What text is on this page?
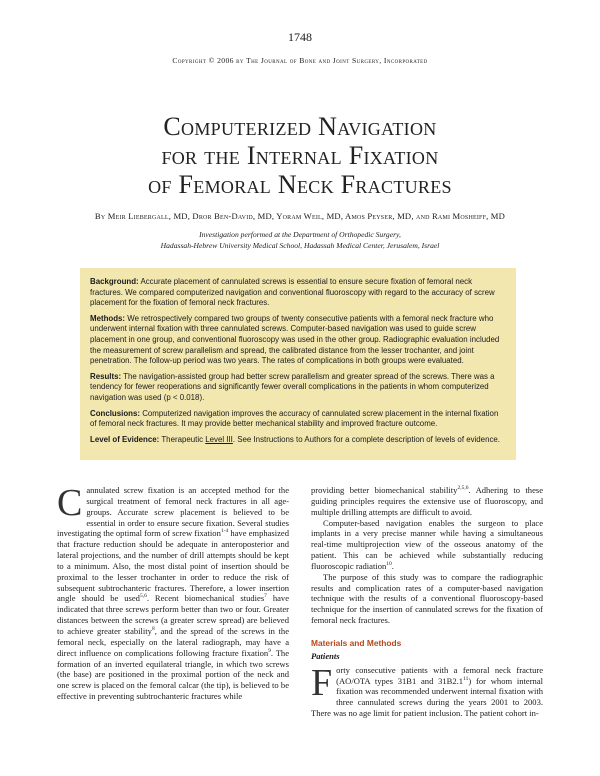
1748
Copyright © 2006 by The Journal of Bone and Joint Surgery, Incorporated
Computerized Navigation
for the Internal Fixation
of Femoral Neck Fractures
By Meir Liebergall, MD, Dror Ben-David, MD, Yoram Weil, MD, Amos Peyser, MD, and Rami Mosheiff, MD
Investigation performed at the Department of Orthopedic Surgery,
Hadassah-Hebrew University Medical School, Hadassah Medical Center, Jerusalem, Israel

Background: Accurate placement of cannulated screws is essential to ensure secure fixation of femoral neck fractures. We compared computerized navigation and conventional fluoroscopy with regard to the accuracy of screw placement for the fixation of femoral neck fractures.

Methods: We retrospectively compared two groups of twenty consecutive patients with a femoral neck fracture who underwent internal fixation with three cannulated screws. Computer-based navigation was used to guide screw placement in one group, and conventional fluoroscopy was used in the other group. Radiographic evaluation included the measurement of screw parallelism and spread, the calibrated distance from the lesser trochanter, and joint penetration. The follow-up period was two years. The rates of complications in both groups were evaluated.

Results: The navigation-assisted group had better screw parallelism and greater spread of the screws. There was a tendency for fewer reoperations and significantly fewer overall complications in the patients in whom computerized navigation was used (p < 0.018).

Conclusions: Computerized navigation improves the accuracy of cannulated screw placement in the internal fixation of femoral neck fractures. It may provide better mechanical stability and improved fracture outcome.

Level of Evidence: Therapeutic Level III. See Instructions to Authors for a complete description of levels of evidence.

Cannulated screw fixation is an accepted method for the surgical treatment of femoral neck fractures in all age-groups. Accurate screw placement is believed to be essential in order to ensure secure fixation. Several studies investigating the optimal form of screw fixation$^{1-4}$ have emphasized that fracture reduction should be adequate in anteroposterior and lateral projections, and the number of drill attempts should be kept to a minimum. Also, the most distal point of insertion should be proximal to the lesser trochanter in order to reduce the risk of subsequent subtrochanteric fractures. Therefore, a lower insertion angle should be used$^{5,6}$. Recent biomechanical studies$^7$ have indicated that three screws perform better than two or four. Greater distances between the screws (a greater screw spread) are believed to achieve greater stability$^8$, and the spread of the screws in the femoral neck, especially on the lateral radiograph, may have a direct influence on complications following fracture fixation$^9$. The formation of an inverted equilateral triangle, in which two screws (the base) are positioned in the proximal portion of the neck and one screw is placed on the femoral calcar (the tip), is believed to be effective in preventing subtrochanteric fractures while

providing better biomechanical stability$^{2,5,6}$. Adhering to these guiding principles requires the extensive use of fluoroscopy, and multiple drilling attempts are difficult to avoid.

Computer-based navigation enables the surgeon to place implants in a very precise manner while having a simultaneous real-time multiprojection view of the osseous anatomy of the patient. This can be achieved while substantially reducing fluoroscopic radiation$^{10}$.

The purpose of this study was to compare the radiographic results and complication rates of a computer-based navigation technique with the results of a conventional fluoroscopy-based technique for the insertion of cannulated screws for the fixation of femoral neck fractures.

Materials and Methods
Patients

Forty consecutive patients with a femoral neck fracture (AO/OTA types 31B1 and $31B2.1^{11}$) for whom internal fixation was recommended underwent internal fixation with three cannulated screws during the years 2001 to 2003. There was no age limit for patient inclusion. The patient cohort in-
